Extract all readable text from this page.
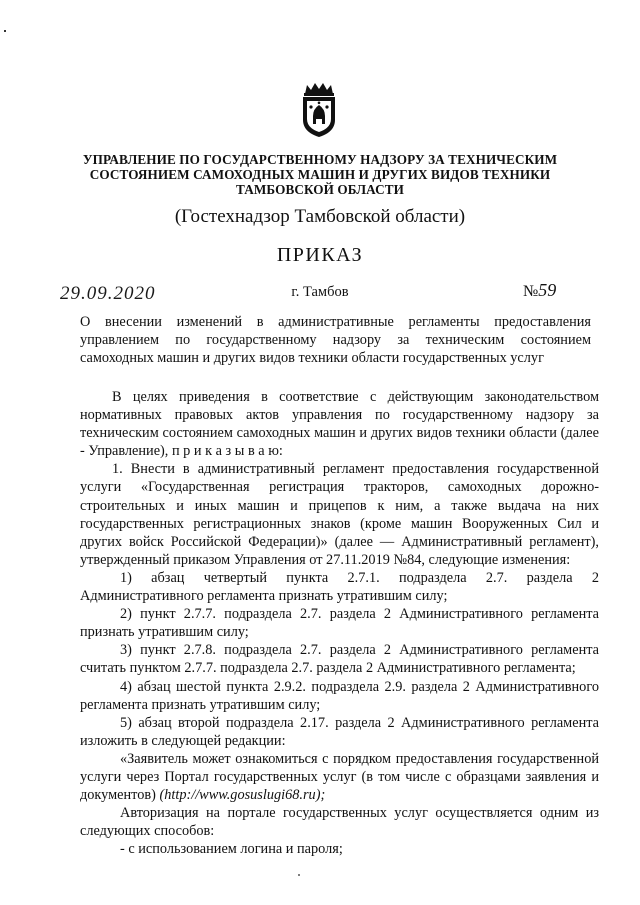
УПРАВЛЕНИЕ ПО ГОСУДАРСТВЕННОМУ НАДЗОРУ ЗА ТЕХНИЧЕСКИМ СОСТОЯНИЕМ САМОХОДНЫХ МАШИН И ДРУГИХ ВИДОВ ТЕХНИКИ ТАМБОВСКОЙ ОБЛАСТИ
(Гостехнадзор Тамбовской области)
ПРИКАЗ
29.09.2020	г. Тамбов	№59
О внесении изменений в административные регламенты предоставления управлением по государственному надзору за техническим состоянием самоходных машин и других видов техники области государственных услуг

В целях приведения в соответствие с действующим законодательством нормативных правовых актов управления по государственному надзору за техническим состоянием самоходных машин и других видов техники области (далее - Управление), п р и к а з ы в а ю:

1. Внести в административный регламент предоставления государственной услуги «Государственная регистрация тракторов, самоходных дорожно-строительных и иных машин и прицепов к ним, а также выдача на них государственных регистрационных знаков (кроме машин Вооруженных Сил и других войск Российской Федерации)» (далее — Административный регламент), утвержденный приказом Управления от 27.11.2019 №84, следующие изменения:

1) абзац четвертый пункта 2.7.1. подраздела 2.7. раздела 2 Административного регламента признать утратившим силу;

2) пункт 2.7.7. подраздела 2.7. раздела 2 Административного регламента признать утратившим силу;

3) пункт 2.7.8. подраздела 2.7. раздела 2 Административного регламента считать пунктом 2.7.7. подраздела 2.7. раздела 2 Административного регламента;

4) абзац шестой пункта 2.9.2. подраздела 2.9. раздела 2 Административного регламента признать утратившим силу;

5) абзац второй подраздела 2.17. раздела 2 Административного регламента изложить в следующей редакции:

«Заявитель может ознакомиться с порядком предоставления государственной услуги через Портал государственных услуг (в том числе с образцами заявления и документов) (http://www.gosuslugi68.ru);

Авторизация на портале государственных услуг осуществляется одним из следующих способов:

- с использованием логина и пароля;
